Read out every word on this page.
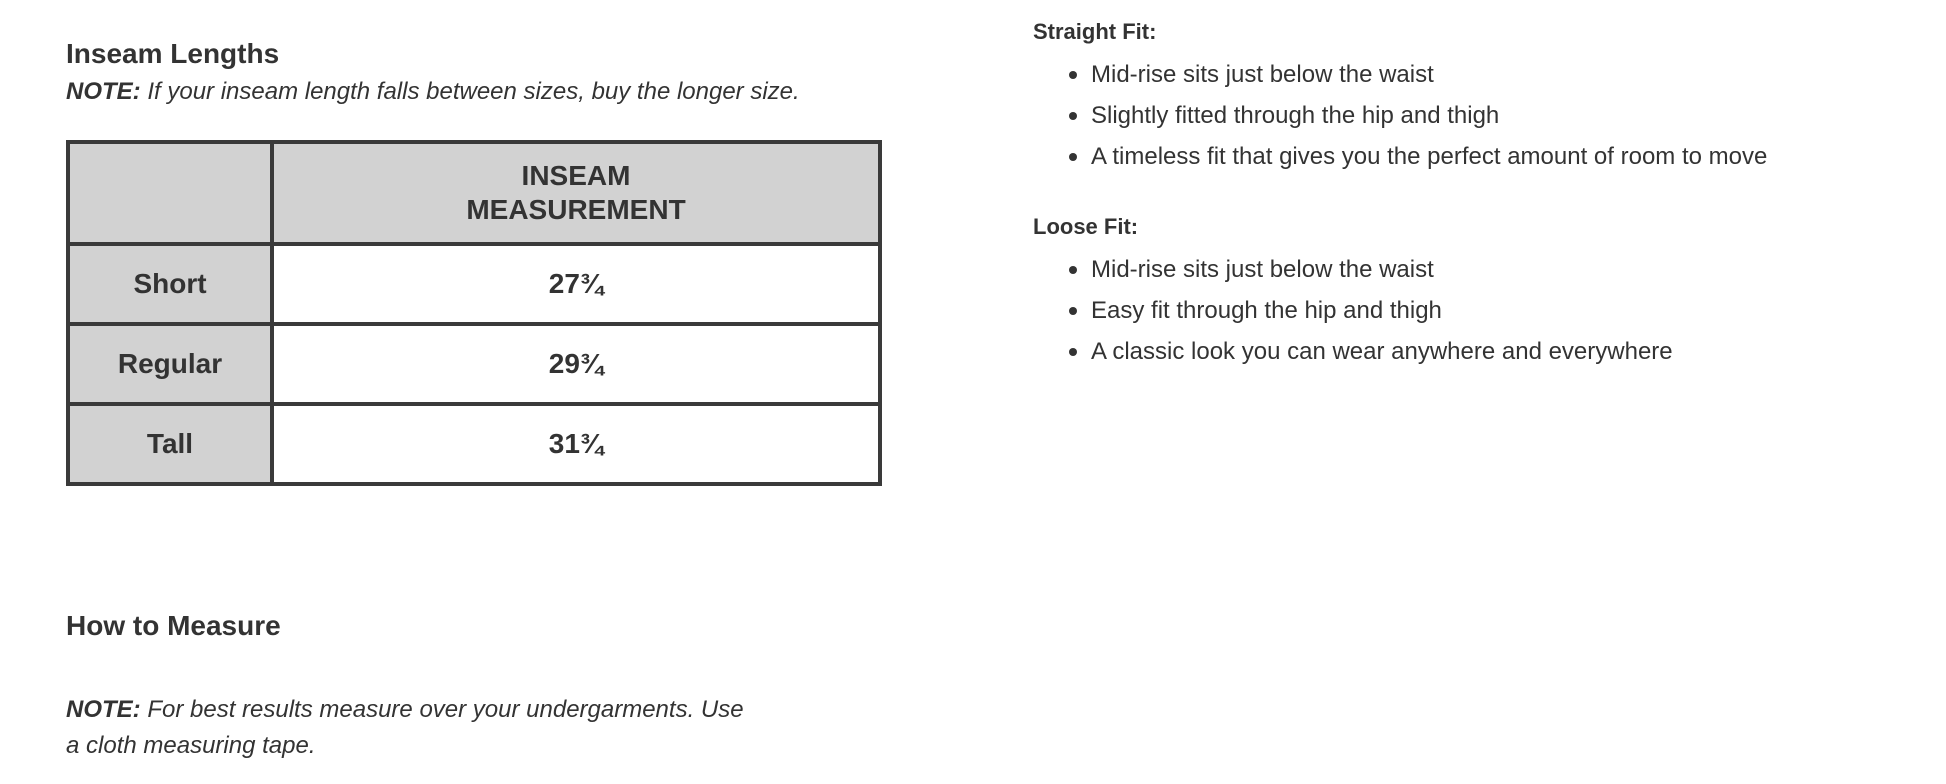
Inseam Lengths

NOTE: If your inseam length falls between sizes, buy the longer size.

	INSEAM
MEASUREMENT

Short	27¾
Regular	29¾
Tall	31¾
How to Measure

NOTE: For best results measure over your undergarments. Use a cloth measuring tape.

Straight Fit:
Mid-rise sits just below the waist
Slightly fitted through the hip and thigh
A timeless fit that gives you the perfect amount of room to move
Loose Fit:
Mid-rise sits just below the waist
Easy fit through the hip and thigh
A classic look you can wear anywhere and everywhere
